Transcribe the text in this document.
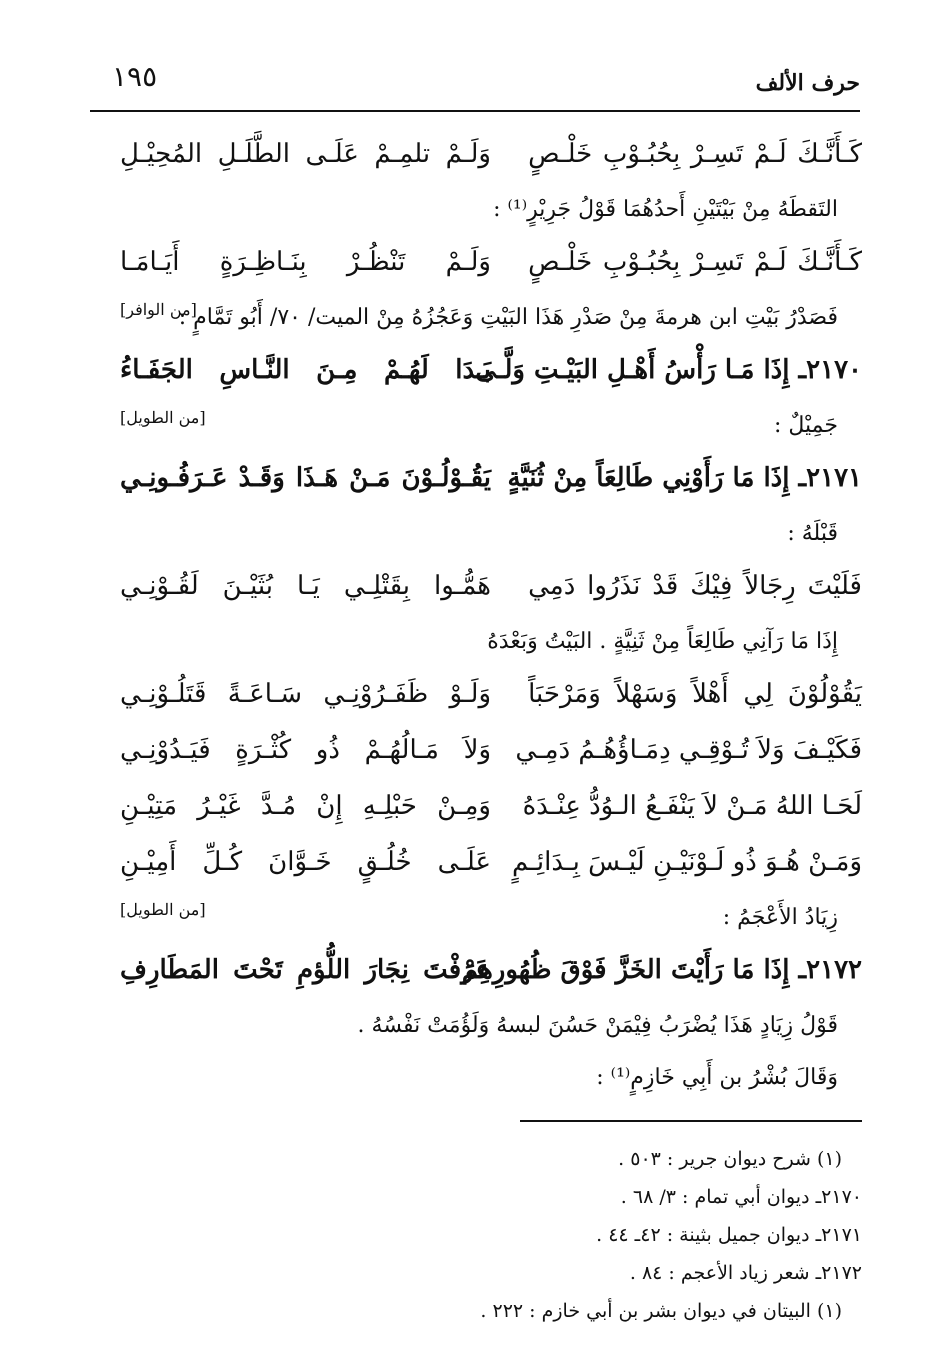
حرف الألف
١٩٥
كَـأَنَّـكَ لَـمْ تَسِـرْ بِحُبُـوْبِ خَلْـصٍ
وَلَـمْ تلمِـمْ عَلَـى الطَّلَـلِ المُحِيْـلِ
التَقطَهُ مِنْ بَيْتَيْنِ أَحدُهُمَا قَوْلُ جَرِيْرٍ⁽¹⁾ :
كَـأَنَّـكَ لَـمْ تَسِـرْ بِحُبُـوْبِ خَلْـصٍ
وَلَـمْ تَنْظُـرْ بِنَـاظِـرَةٍ أَيَـامَـا
فَصَدْرُ بَيْتِ ابن هرمةَ مِنْ صَدْرِ هَذَا البَيْتِ وَعَجُزُهُ مِنْ الميت/ ٧٠/ أَبُو تَمَّامٍ :
[من الوافر]
٢١٧٠ـ إِذَا مَـا رَأْسُ أَهْـلِ البَيْـتِ وَلَّـى
بَـدَا لَهُـمْ مِـنَ النَّـاسِ الجَفَـاءُ
جَمِيْلٌ :
[من الطويل]
٢١٧١ـ إِذَا مَا رَأَوْنِي طَالِعَاً مِنْ ثُنَيَّةٍ
يَقُـوْلُـوْنَ مَـنْ هَـذَا وَقَـدْ عَـرَفُـونِـي
قَبْلَهُ :
فَلَيْتَ رِجَالاً فِيْكَ قَدْ نَذَرُوا دَمِي
هَمُّـوا بِقَتْلِـي يَـا بُثَيْـنَ لَقُـوْنِـي
إِذَا مَا رَآنِي طَالِعَاً مِنْ ثَنِيَّةٍ . البَيْتُ وَبَعْدَهُ
يَقُوْلُوْنَ لِي أَهْلاً وَسَهْلاً وَمَرْحَبَاً
وَلَـوْ ظَفَـرُوْنِـي سَـاعَـةً قَتَلُـوْنِـي
فَكَيْـفَ وَلاَ تُـوْقِـي دِمَـاؤُهُـمُ دَمِـي
وَلاَ مَـالُهُـمْ ذُو كُثْـرَةٍ فَيَـدُوْنِـي
لَحَـا اللهُ مَـنْ لاَ يَنْفَـعُ الـوُدُّ عِنْـدَهُ
وَمِـنْ حَبْلِـهِ إِنْ مُـدَّ غَيْـرُ مَتِيْـنِ
وَمَـنْ هُـوَ ذُو لَـوْنَيْـنِ لَيْـسَ بِـدَائِـمٍ
عَلَـى خُلُـقٍ خَـوَّانَ كُـلِّ أَمِيْـنِ
زِيَادُ الأَعْجَمُ :
[من الطويل]
٢١٧٢ـ إِذَا مَا رَأَيْتَ الخَزَّ فَوْقَ ظُهُورِهِمْ
عَرَفْتَ نِجَارَ اللُّؤمِ تَحْتَ المَطَارِفِ
قَوْلُ زِيَادٍ هَذَا يُضْرَبُ فِيْمَنْ حَسُنَ لبسهُ وَلَؤُمَتْ نَفْسُهُ .
وَقَالَ بُشْرُ بن أَبِي خَازِمٍ⁽¹⁾ :
(١) شرح ديوان جرير : ٥٠٣ .
٢١٧٠ـ ديوان أبي تمام : ٣/ ٦٨ .
٢١٧١ـ ديوان جميل بثينة : ٤٢ـ ٤٤ .
٢١٧٢ـ شعر زياد الأعجم : ٨٤ .
(١) البيتان في ديوان بشر بن أبي خازم : ٢٢٢ .
